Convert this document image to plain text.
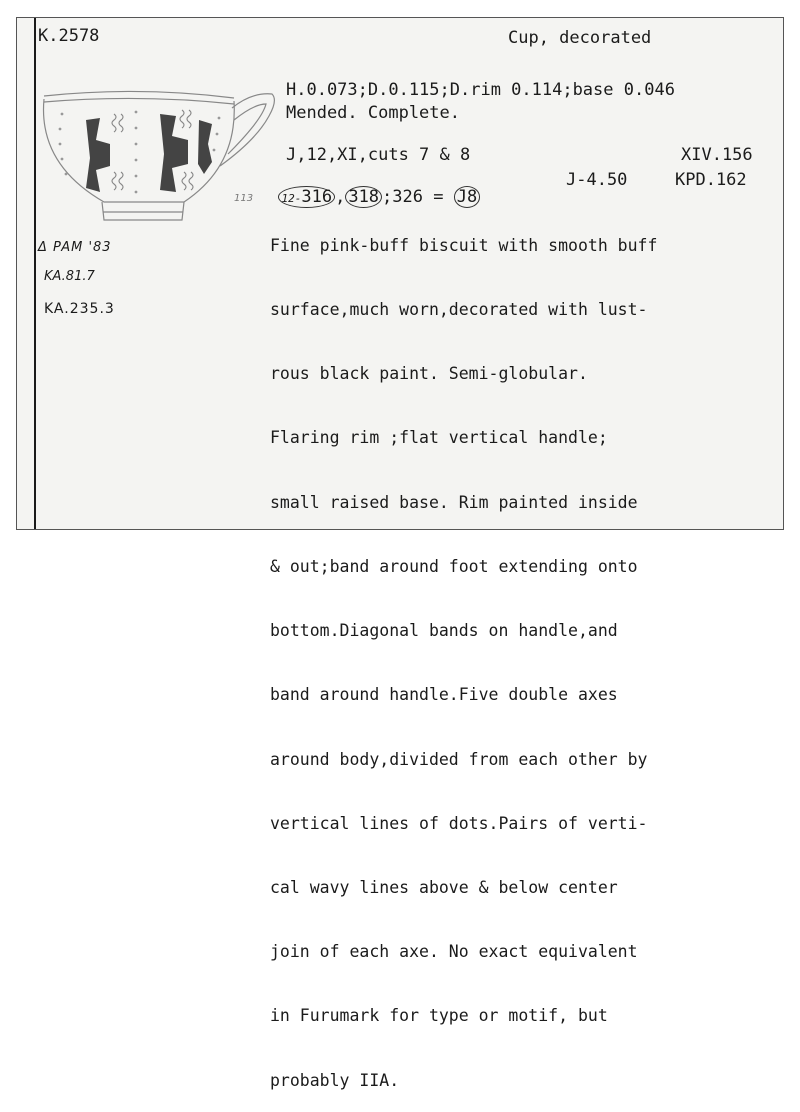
K.2578	Cup, decorated
H.0.073;D.0.115;D.rim 0.114;base 0.046
Mended. Complete.
J,12,XI,cuts 7 & 8	XIV.156

12-316 , 318 ;326 = J8

J-4.50	KPD.162
113
Δ PAM '83
KA.81.7
KA.235.3

Fine pink-buff biscuit with smooth buff

surface,much worn,decorated with lust-

rous black paint. Semi-globular.

Flaring rim ;flat vertical handle;

small raised base. Rim painted inside

& out;band around foot extending onto

bottom.Diagonal bands on handle,and

band around handle.Five double axes

around body,divided from each other by

vertical lines of dots.Pairs of verti-

cal wavy lines above & below center

join of each axe. No exact equivalent

in Furumark for type or motif, but

probably IIA.
